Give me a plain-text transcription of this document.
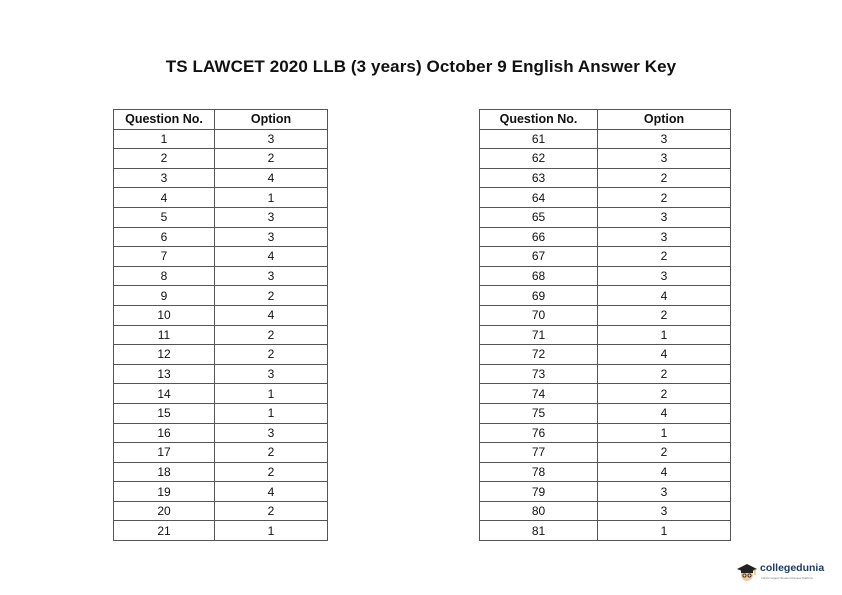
TS LAWCET 2020 LLB (3 years) October 9 English Answer Key
Question No.	Option
1	3
2	2
3	4
4	1
5	3
6	3
7	4
8	3
9	2
10	4
11	2
12	2
13	3
14	1
15	1
16	3
17	2
18	2
19	4
20	2
21	1
Question No.	Option
61	3
62	3
63	2
64	2
65	3
66	3
67	2
68	3
69	4
70	2
71	1
72	4
73	2
74	2
75	4
76	1
77	2
78	4
79	3
80	3
81	1
collegedunia
India's largest Student Review Platform
